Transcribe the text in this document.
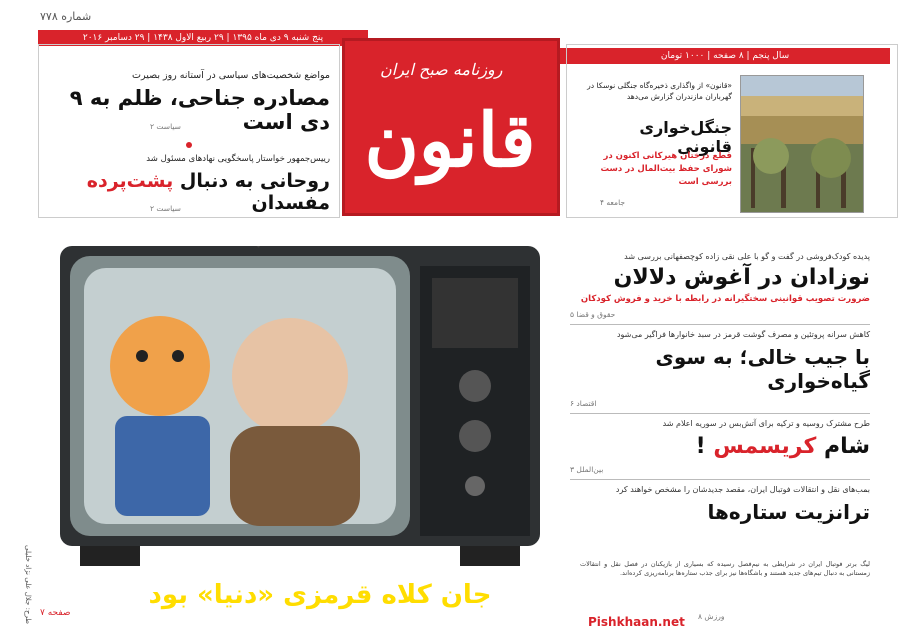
شماره ۷۷۸
پنج شنبه ۹ دی ماه ۱۳۹۵ | ۲۹ ربیع الاول ۱۴۳۸ | ۲۹ دسامبر ۲۰۱۶
سال پنجم | ۸ صفحه | ۱۰۰۰ تومان
روزنامه صبح ایران
قانون
مواضع شخصیت‌های سیاسی در آستانه روز بصیرت
مصادره جناحی، ظلم به ۹ دی است
سیاست ۲
رییس‌جمهور خواستار پاسخگویی نهادهای مسئول شد
روحانی به دنبال پشت‌پرده مفسدان
سیاست ۲
«قانون» از واگذاری ذخیره‌گاه جنگلی نوسکا در گهرباران مازندران گزارش می‌دهد
جنگل‌خواری قانونی
قطع درختان هیرکانی اکنون در شورای حفظ بیت‌المال در دست بررسی است
جامعه ۴
جان کلاه قرمزی «دنیا» بود
صفحه ۷
طرح: جلال علی نژاد خلیلی
پدیده کودک‌فروشی در گفت و گو با علی نقی زاده کوچصفهانی بررسی شد
نوزادان در آغوش دلالان
ضرورت تصویب قوانینی سختگیرانه در رابطه با خرید و فروش کودکان
حقوق و قضا ۵
کاهش سرانه پروتئین‌ و مصرف گوشت قرمز در سبد خانوارها فراگیر می‌شود
با جیب خالی؛ به سوی گیاه‌خواری
اقتصاد ۶
طرح مشترک روسیه و ترکیه برای آتش‌بس در سوریه اعلام شد
شام کریسمس !
بین‌الملل ۳
بمب‌های نقل و انتقالات فوتبال ایران، مقصد جدیدشان را مشخص خواهند کرد
ترانزیت ستاره‌ها
لیگ برتر فوتبال ایران در شرایطی به نیم‌فصل رسیده که بسیاری از بازیکنان در فصل نقل و انتقالات زمستانی به دنبال تیم‌های جدید هستند و باشگاه‌ها نیز برای جذب ستاره‌ها برنامه‌ریزی کرده‌اند.
ورزش ۸
Pishkhaan.net
